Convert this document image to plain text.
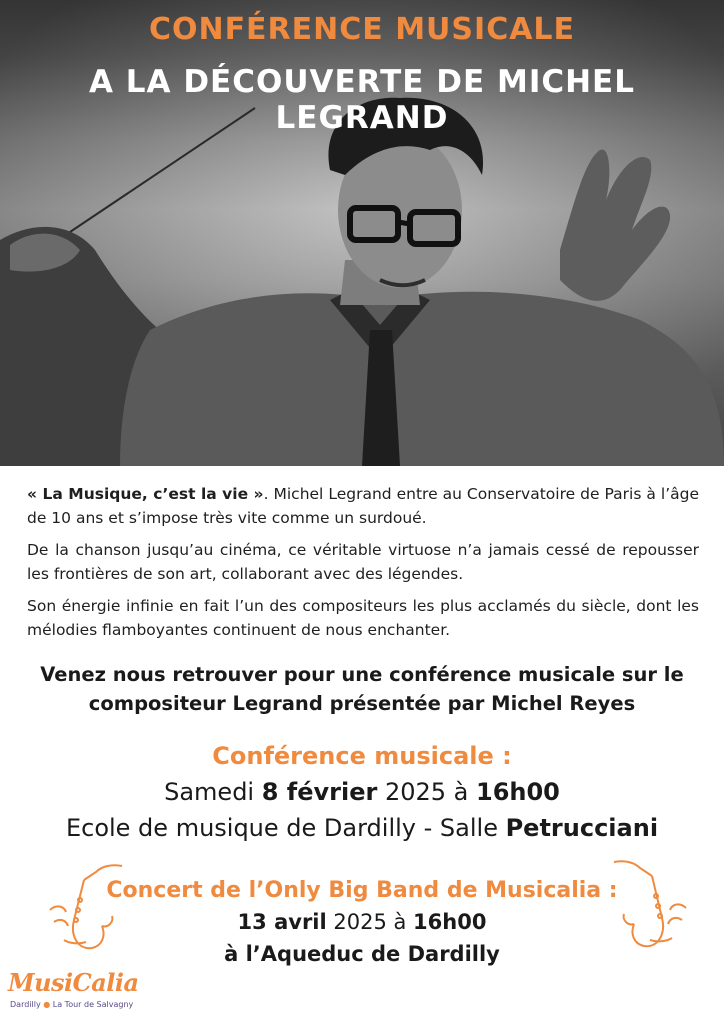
CONFÉRENCE MUSICALE
A LA DÉCOUVERTE DE MICHEL LEGRAND
« La Musique, c’est la vie ». Michel Legrand entre au Conservatoire de Paris à l’âge de 10 ans et s’impose très vite comme un surdoué.
De la chanson jusqu’au cinéma, ce véritable virtuose n’a jamais cessé de repousser les frontières de son art, collaborant avec des légendes.
Son énergie infinie en fait l’un des compositeurs les plus acclamés du siècle, dont les mélodies flamboyantes continuent de nous enchanter.
Venez nous retrouver pour une conférence musicale sur le
compositeur Legrand présentée par Michel Reyes
Conférence musicale :
Samedi 8 février 2025 à 16h00
Ecole de musique de Dardilly - Salle Petrucciani
Concert de l’Only Big Band de Musicalia :
13 avril 2025 à 16h00
à l’Aqueduc de Dardilly
MusiCalia
Dardilly ● La Tour de Salvagny
